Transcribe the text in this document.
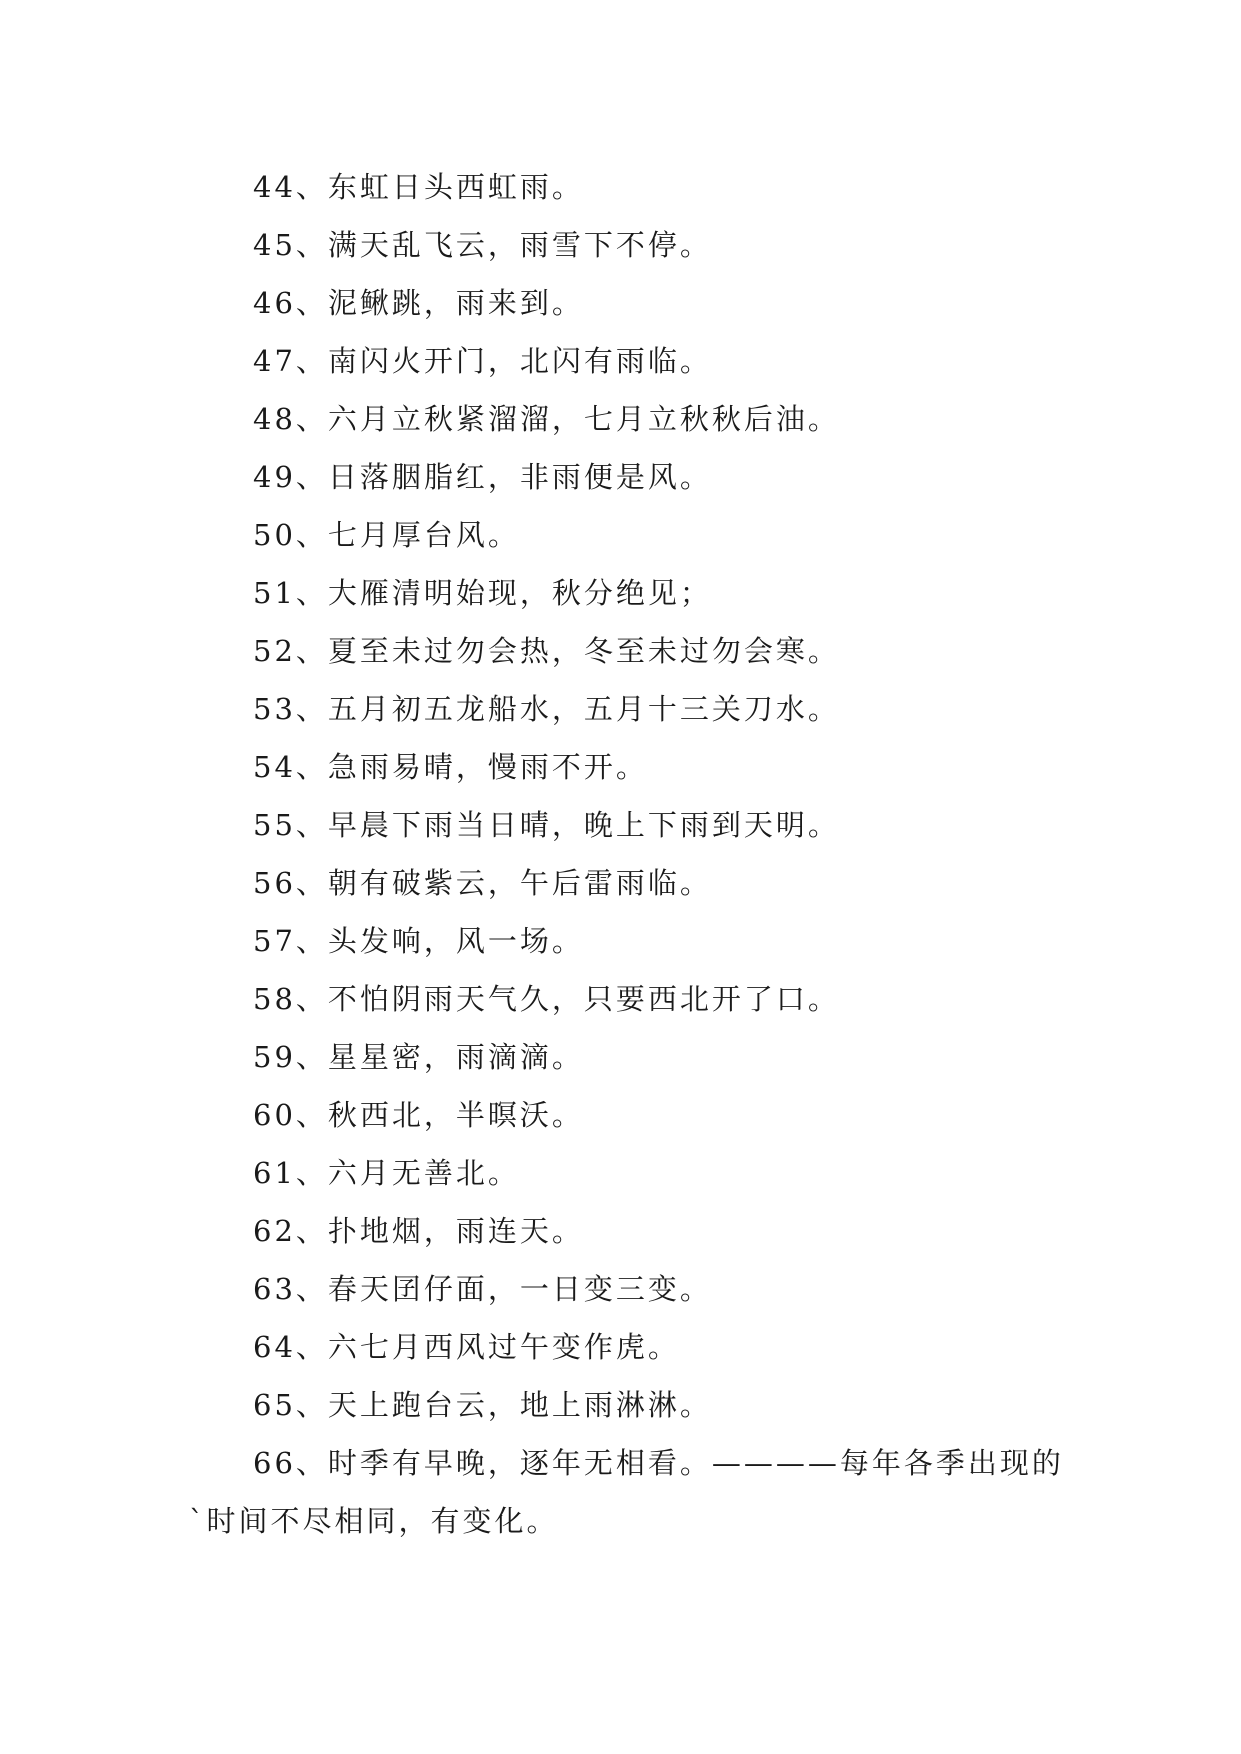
44、东虹日头西虹雨。
45、满天乱飞云，雨雪下不停。
46、泥鳅跳，雨来到。
47、南闪火开门，北闪有雨临。
48、六月立秋紧溜溜，七月立秋秋后油。
49、日落胭脂红，非雨便是风。
50、七月厚台风。
51、大雁清明始现，秋分绝见；
52、夏至未过勿会热，冬至未过勿会寒。
53、五月初五龙船水，五月十三关刀水。
54、急雨易晴，慢雨不开。
55、早晨下雨当日晴，晚上下雨到天明。
56、朝有破紫云，午后雷雨临。
57、头发响，风一场。
58、不怕阴雨天气久，只要西北开了口。
59、星星密，雨滴滴。
60、秋西北，半暝沃。
61、六月无善北。
62、扑地烟，雨连天。
63、春天囝仔面，一日变三变。
64、六七月西风过午变作虎。
65、天上跑台云，地上雨淋淋。
66、时季有早晚，逐年无相看。————每年各季出现的`时间不尽相同，有变化。
